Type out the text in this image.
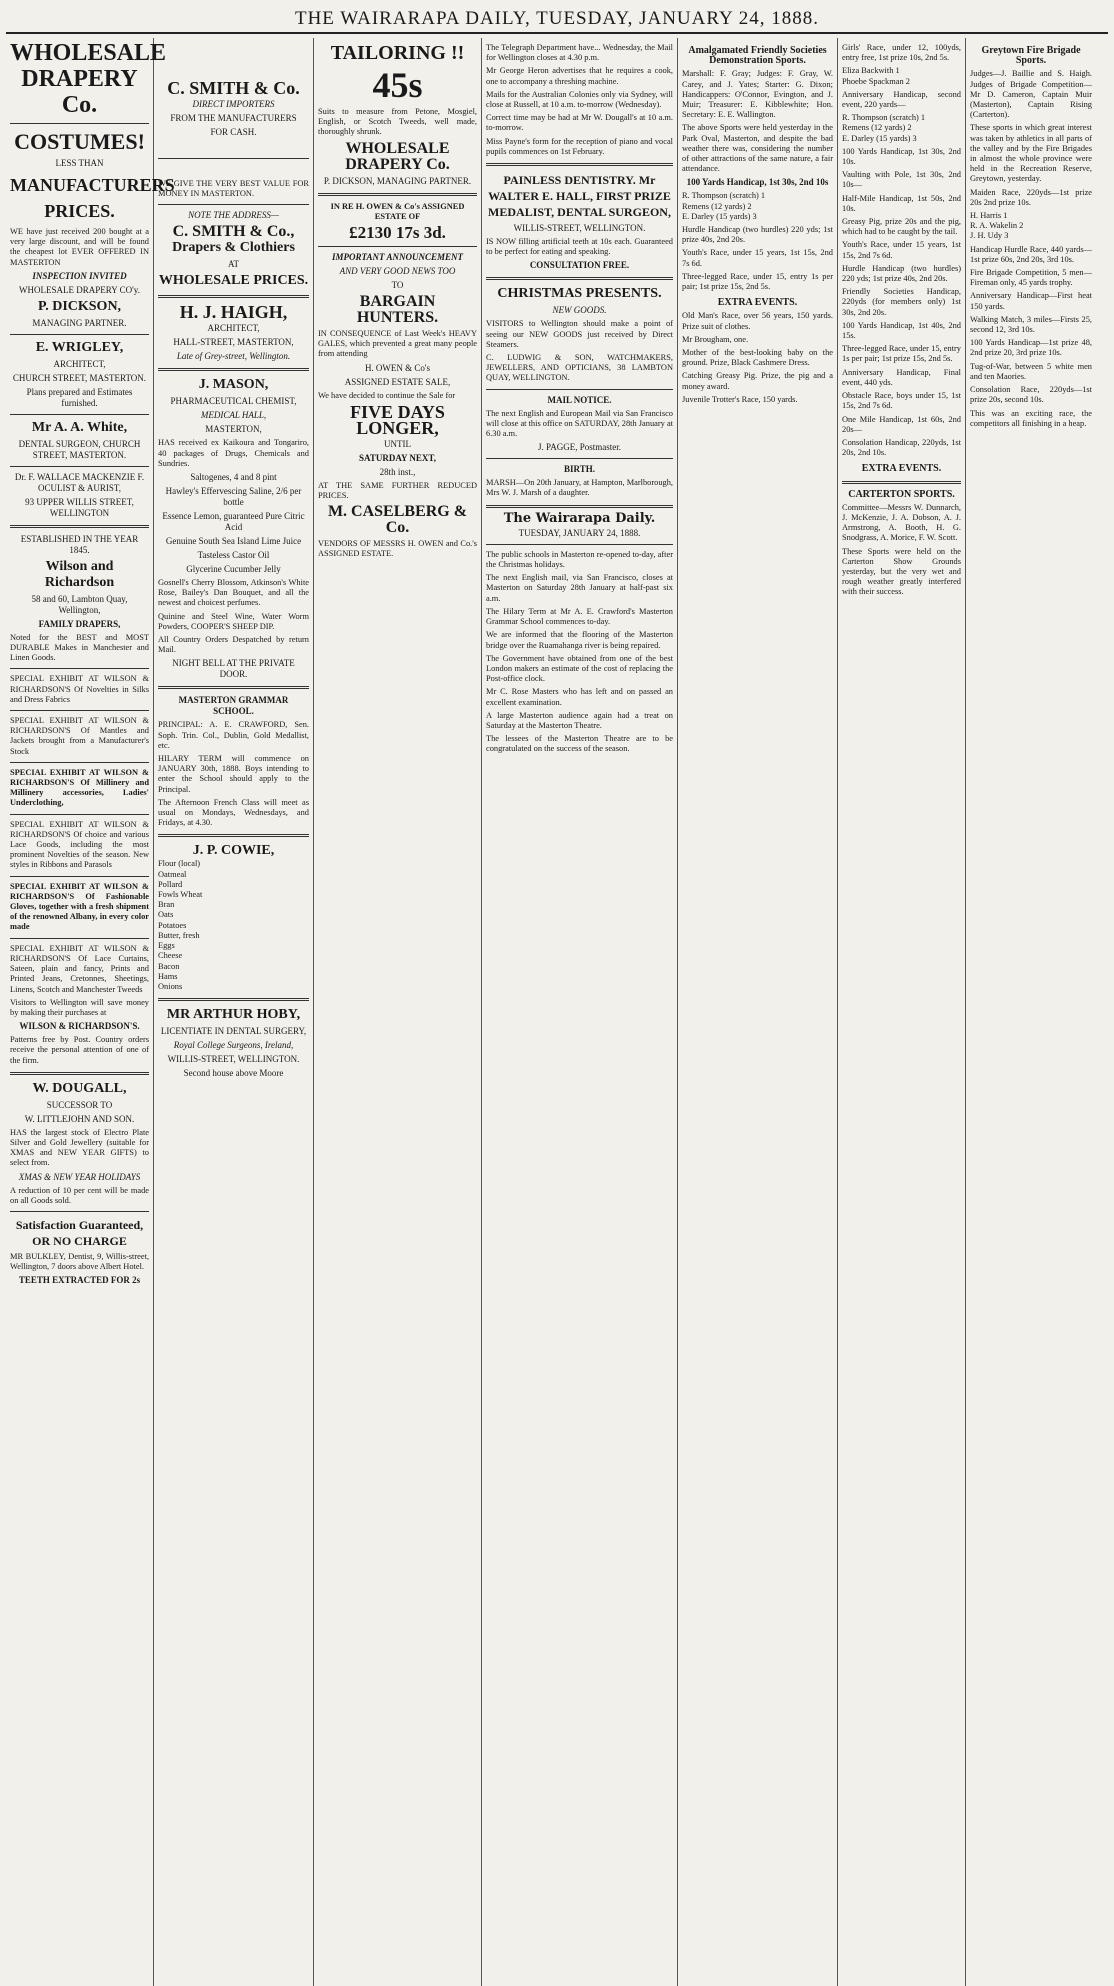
THE WAIRARAPA DAILY, TUESDAY, JANUARY 24, 1888.
WHOLESALE
DRAPERY Co.
COSTUMES!
LESS THAN
MANUFACTURERS
PRICES.

WE have just received 200 bought at a very large discount, and will be found the cheapest lot EVER OFFERED IN MASTERTON

INSPECTION INVITED
WHOLESALE DRAPERY CO'y.
P. DICKSON,
MANAGING PARTNER.
E. WRIGLEY,
ARCHITECT,
CHURCH STREET, MASTERTON.
Plans prepared and Estimates furnished.
Mr A. A. White,
DENTAL SURGEON, CHURCH STREET, MASTERTON.
Dr. F. WALLACE MACKENZIE F. OCULIST & AURIST,
93 UPPER WILLIS STREET, WELLINGTON
ESTABLISHED IN THE YEAR 1845.
Wilson and Richardson
58 and 60, Lambton Quay, Wellington,
FAMILY DRAPERS,

Noted for the BEST and MOST DURABLE Makes in Manchester and Linen Goods.

SPECIAL EXHIBIT AT WILSON & RICHARDSON'S Of Novelties in Silks and Dress Fabrics

SPECIAL EXHIBIT AT WILSON & RICHARDSON'S Of Mantles and Jackets brought from a Manufacturer's Stock

SPECIAL EXHIBIT AT WILSON & RICHARDSON'S Of Millinery and Millinery accessories, Ladies' Underclothing,

SPECIAL EXHIBIT AT WILSON & RICHARDSON'S Of choice and various Lace Goods, including the most prominent Novelties of the season. New styles in Ribbons and Parasols

SPECIAL EXHIBIT AT WILSON & RICHARDSON'S Of Fashionable Gloves, together with a fresh shipment of the renowned Albany, in every color made

SPECIAL EXHIBIT AT WILSON & RICHARDSON'S Of Lace Curtains, Sateen, plain and fancy, Prints and Printed Jeans, Cretonnes, Sheetings, Linens, Scotch and Manchester Tweeds

Visitors to Wellington will save money by making their purchases at

WILSON & RICHARDSON'S.

Patterns free by Post. Country orders receive the personal attention of one of the firm.

W. DOUGALL,
SUCCESSOR TO
W. LITTLEJOHN AND SON.

HAS the largest stock of Electro Plate Silver and Gold Jewellery (suitable for XMAS and NEW YEAR GIFTS) to select from.

XMAS & NEW YEAR HOLIDAYS

A reduction of 10 per cent will be made on all Goods sold.

Satisfaction Guaranteed, OR NO CHARGE

MR BULKLEY, Dentist, 9, Willis-street, Wellington, 7 doors above Albert Hotel.

TEETH EXTRACTED FOR 2s
C. SMITH & Co.
DIRECT IMPORTERS
FROM THE MANUFACTURERS
FOR CASH.

WE GIVE THE VERY BEST VALUE FOR MONEY IN MASTERTON.

NOTE THE ADDRESS—
C. SMITH & Co.,
Drapers & Clothiers
AT
WHOLESALE PRICES.
H. J. HAIGH,
ARCHITECT,
HALL-STREET, MASTERTON,
Late of Grey-street, Wellington.
J. MASON,
PHARMACEUTICAL CHEMIST,
MEDICAL HALL,
MASTERTON,

HAS received ex Kaikoura and Tongariro, 40 packages of Drugs, Chemicals and Sundries.

Saltogenes, 4 and 8 pint
Hawley's Effervescing Saline, 2/6 per bottle
Essence Lemon, guaranteed Pure Citric Acid
Genuine South Sea Island Lime Juice
Tasteless Castor Oil
Glycerine Cucumber Jelly

Gosnell's Cherry Blossom, Atkinson's White Rose, Bailey's Dan Bouquet, and all the newest and choicest perfumes.

Quinine and Steel Wine, Water Worm Powders, COOPER'S SHEEP DIP.

All Country Orders Despatched by return Mail.

NIGHT BELL AT THE PRIVATE DOOR.
MASTERTON GRAMMAR SCHOOL.

PRINCIPAL: A. E. CRAWFORD, Sen. Soph. Trin. Col., Dublin, Gold Medallist, etc.

HILARY TERM will commence on JANUARY 30th, 1888. Boys intending to enter the School should apply to the Principal.

The Afternoon French Class will meet as usual on Mondays, Wednesdays, and Fridays, at 4.30.

J. P. COWIE,
Flour (local)
Oatmeal
Pollard
Fowls Wheat
Bran
Oats
Potatoes
Butter, fresh
Eggs
Cheese
Bacon
Hams
Onions
MR ARTHUR HOBY,
LICENTIATE IN DENTAL SURGERY,
Royal College Surgeons, Ireland,
WILLIS-STREET, WELLINGTON.
Second house above Moore
TAILORING !!
45s

Suits to measure from Petone, Mosgiel, English, or Scotch Tweeds, well made, thoroughly shrunk.

WHOLESALE
DRAPERY Co.
P. DICKSON, MANAGING PARTNER.

IN RE H. OWEN & Co's ASSIGNED ESTATE OF

£2130 17s 3d.
IMPORTANT ANNOUNCEMENT
AND VERY GOOD NEWS TOO
TO
BARGAIN HUNTERS.

IN CONSEQUENCE of Last Week's HEAVY GALES, which prevented a great many people from attending

H. OWEN & Co's
ASSIGNED ESTATE SALE,

We have decided to continue the Sale for

FIVE DAYS LONGER,
UNTIL
SATURDAY NEXT,
28th inst.,

AT THE SAME FURTHER REDUCED PRICES.

M. CASELBERG & Co.

VENDORS OF MESSRS H. OWEN and Co.'s ASSIGNED ESTATE.

The Telegraph Department have... Wednesday, the Mail for Wellington closes at 4.30 p.m.

Mr George Heron advertises that he requires a cook, one to accompany a threshing machine.

Mails for the Australian Colonies only via Sydney, will close at Russell, at 10 a.m. to-morrow (Wednesday).

Correct time may be had at Mr W. Dougall's at 10 a.m. to-morrow.

Miss Payne's form for the reception of piano and vocal pupils commences on 1st February.

PAINLESS DENTISTRY. Mr WALTER E. HALL, FIRST PRIZE MEDALIST, DENTAL SURGEON,
WILLIS-STREET, WELLINGTON.

IS NOW filling artificial teeth at 10s each. Guaranteed to be perfect for eating and speaking.

CONSULTATION FREE.
CHRISTMAS PRESENTS.
NEW GOODS.

VISITORS to Wellington should make a point of seeing our NEW GOODS just received by Direct Steamers.

C. LUDWIG & SON, WATCHMAKERS, JEWELLERS, AND OPTICIANS, 38 LAMBTON QUAY, WELLINGTON.

MAIL NOTICE.

The next English and European Mail via San Francisco will close at this office on SATURDAY, 28th January at 6.30 a.m.

J. PAGGE, Postmaster.
BIRTH.

MARSH—On 20th January, at Hampton, Marlborough, Mrs W. J. Marsh of a daughter.

The Wairarapa Daily.
TUESDAY, JANUARY 24, 1888.

The public schools in Masterton re-opened to-day, after the Christmas holidays.

The next English mail, via San Francisco, closes at Masterton on Saturday 28th January at half-past six a.m.

The Hilary Term at Mr A. E. Crawford's Masterton Grammar School commences to-day.

We are informed that the flooring of the Masterton bridge over the Ruamahanga river is being repaired.

The Government have obtained from one of the best London makers an estimate of the cost of replacing the Post-office clock.

Mr C. Rose Masters who has left and on passed an excellent examination.

A large Masterton audience again had a treat on Saturday at the Masterton Theatre.

The lessees of the Masterton Theatre are to be congratulated on the success of the season.

Amalgamated Friendly Societies Demonstration Sports.

Marshall: F. Gray; Judges: F. Gray, W. Carey, and J. Yates; Starter: G. Dixon; Handicappers: O'Connor, Evington, and J. Muir; Treasurer: E. Kibblewhite; Hon. Secretary: E. E. Wallington.

The above Sports were held yesterday in the Park Oval, Masterton, and despite the bad weather there was, considering the number of other attractions of the same nature, a fair attendance.

100 Yards Handicap, 1st 30s, 2nd 10s
R. Thompson (scratch) 1
Remens (12 yards) 2
E. Darley (15 yards) 3

Hurdle Handicap (two hurdles) 220 yds; 1st prize 40s, 2nd 20s.

Youth's Race, under 15 years, 1st 15s, 2nd 7s 6d.

Three-legged Race, under 15, entry 1s per pair; 1st prize 15s, 2nd 5s.

EXTRA EVENTS.

Old Man's Race, over 56 years, 150 yards. Prize suit of clothes.

Mr Brougham, one.

Mother of the best-looking baby on the ground. Prize, Black Cashmere Dress.

Catching Greasy Pig. Prize, the pig and a money award.

Juvenile Trotter's Race, 150 yards.

Girls' Race, under 12, 100yds, entry free, 1st prize 10s, 2nd 5s.

Eliza Backwith 1
Phoebe Spackman 2

Anniversary Handicap, second event, 220 yards—

R. Thompson (scratch) 1
Remens (12 yards) 2
E. Darley (15 yards) 3

100 Yards Handicap, 1st 30s, 2nd 10s.

Vaulting with Pole, 1st 30s, 2nd 10s—

Half-Mile Handicap, 1st 50s, 2nd 10s.

Greasy Pig, prize 20s and the pig, which had to be caught by the tail.

Youth's Race, under 15 years, 1st 15s, 2nd 7s 6d.

Hurdle Handicap (two hurdles) 220 yds; 1st prize 40s, 2nd 20s.

Friendly Societies Handicap, 220yds (for members only) 1st 30s, 2nd 20s.

100 Yards Handicap, 1st 40s, 2nd 15s.

Three-legged Race, under 15, entry 1s per pair; 1st prize 15s, 2nd 5s.

Anniversary Handicap, Final event, 440 yds.

Obstacle Race, boys under 15, 1st 15s, 2nd 7s 6d.

One Mile Handicap, 1st 60s, 2nd 20s—

Consolation Handicap, 220yds, 1st 20s, 2nd 10s.

EXTRA EVENTS.
CARTERTON SPORTS.

Committee—Messrs W. Dunnarch, J. McKenzie, J. A. Dobson, A. J. Armstrong, A. Booth, H. G. Snodgrass, A. Morice, F. W. Scott.

These Sports were held on the Carterton Show Grounds yesterday, but the very wet and rough weather greatly interfered with their success.

Greytown Fire Brigade Sports.

Judges—J. Baillie and S. Haigh. Judges of Brigade Competition—Mr D. Cameron, Captain Muir (Masterton), Captain Rising (Carterton).

These sports in which great interest was taken by athletics in all parts of the valley and by the Fire Brigades in almost the whole province were held in the Recreation Reserve, Greytown, yesterday.

Maiden Race, 220yds—1st prize 20s 2nd prize 10s.

H. Harris 1
R. A. Wakelin 2
J. H. Udy 3

Handicap Hurdle Race, 440 yards—1st prize 60s, 2nd 20s, 3rd 10s.

Fire Brigade Competition, 5 men—Fireman only, 45 yards trophy.

Anniversary Handicap—First heat 150 yards.

Walking Match, 3 miles—Firsts 25, second 12, 3rd 10s.

100 Yards Handicap—1st prize 48, 2nd prize 20, 3rd prize 10s.

Tug-of-War, between 5 white men and ten Maories.

Consolation Race, 220yds—1st prize 20s, second 10s.

This was an exciting race, the competitors all finishing in a heap.
